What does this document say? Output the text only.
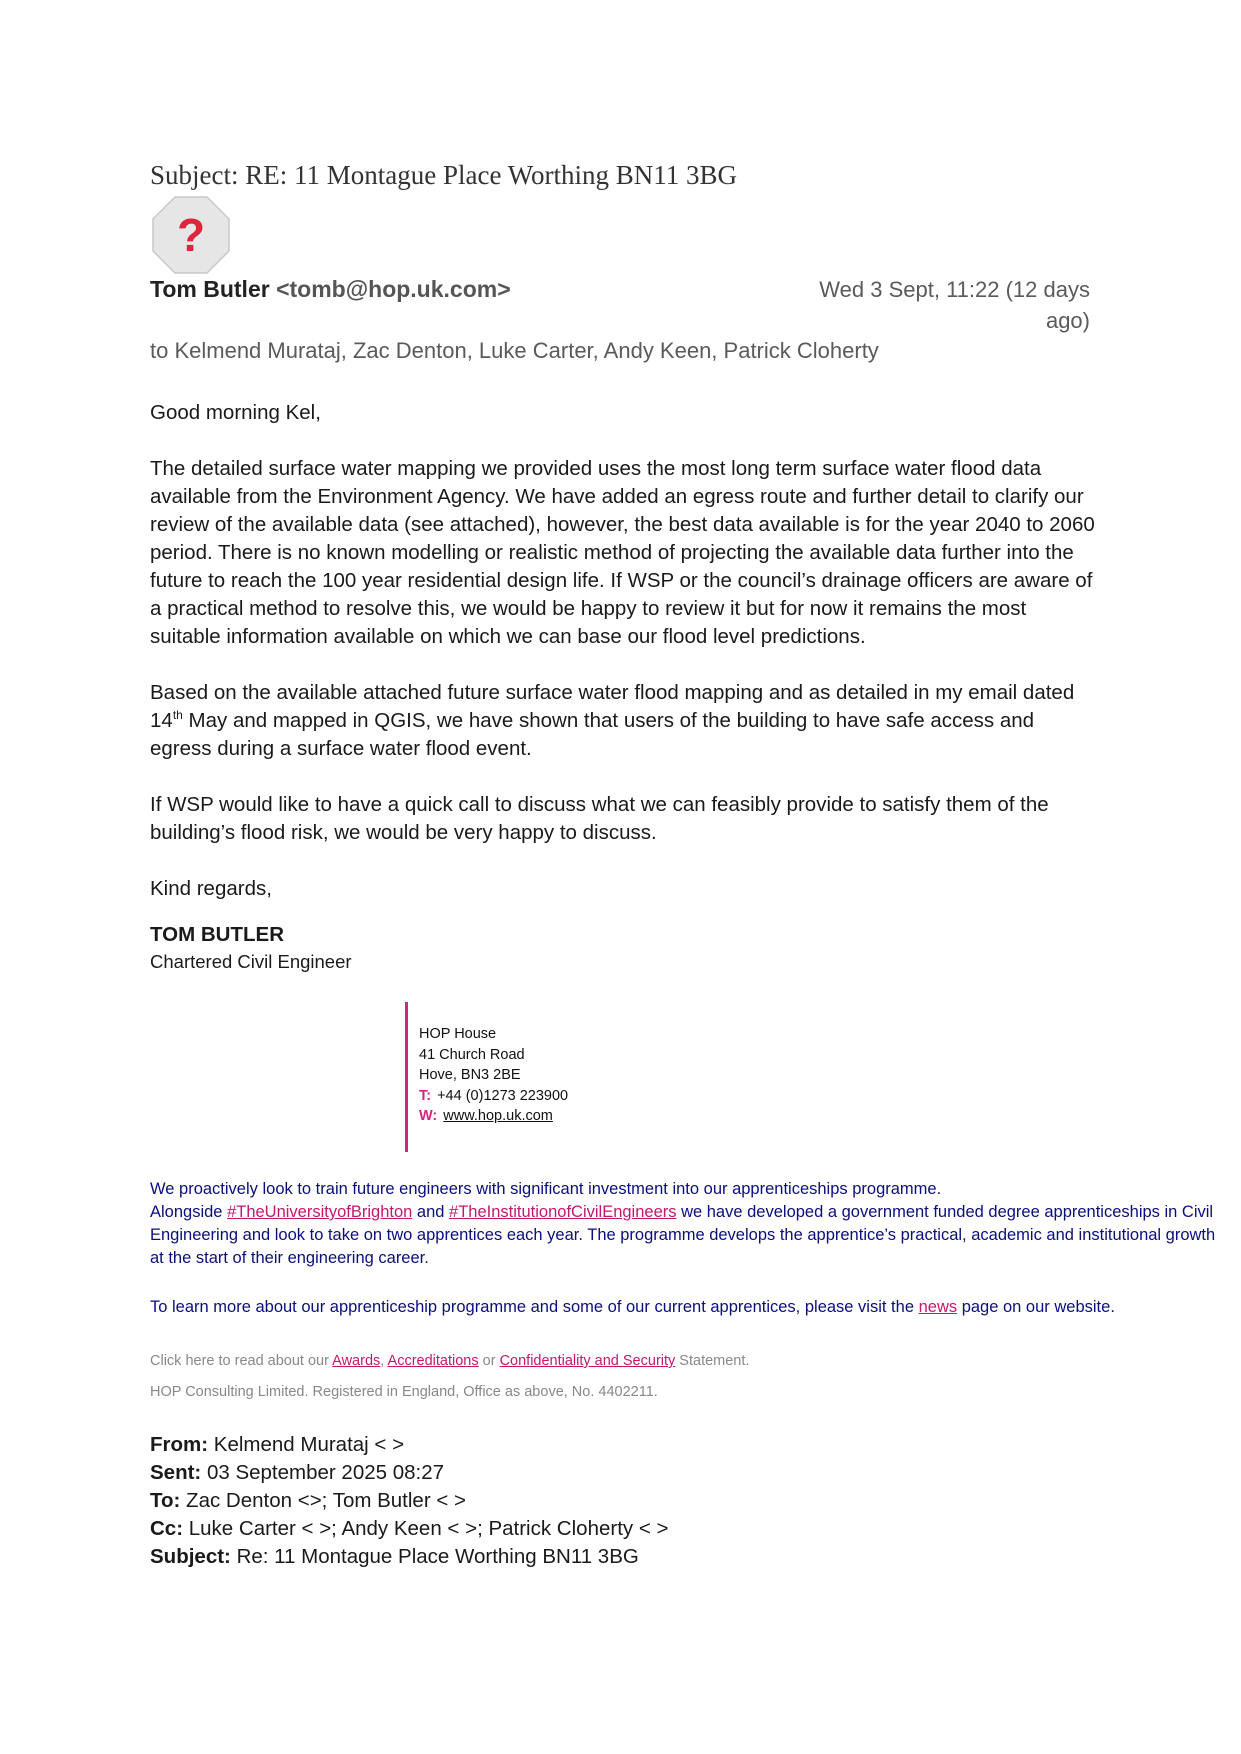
Subject: RE: 11 Montague Place Worthing BN11 3BG
?
Tom Butler <tomb@hop.uk.com>	Wed 3 Sept, 11:22 (12 days ago)
to Kelmend Murataj, Zac Denton, Luke Carter, Andy Keen, Patrick Cloherty
Good morning Kel,
The detailed surface water mapping we provided uses the most long term surface water flood data available from the Environment Agency. We have added an egress route and further detail to clarify our review of the available data (see attached), however, the best data available is for the year 2040 to 2060 period. There is no known modelling or realistic method of projecting the available data further into the future to reach the 100 year residential design life. If WSP or the council’s drainage officers are aware of a practical method to resolve this, we would be happy to review it but for now it remains the most suitable information available on which we can base our flood level predictions.
Based on the available attached future surface water flood mapping and as detailed in my email dated 14th May and mapped in QGIS, we have shown that users of the building to have safe access and egress during a surface water flood event.
If WSP would like to have a quick call to discuss what we can feasibly provide to satisfy them of the building’s flood risk, we would be very happy to discuss.
Kind regards,
TOM BUTLER
Chartered Civil Engineer
HOP House
41 Church Road
Hove, BN3 2BE
T: +44 (0)1273 223900
W: www.hop.uk.com
We proactively look to train future engineers with significant investment into our apprenticeships programme.
Alongside #TheUniversityofBrighton and #TheInstitutionofCivilEngineers we have developed a government funded degree apprenticeships in Civil
Engineering and look to take on two apprentices each year. The programme develops the apprentice’s practical, academic and institutional growth
at the start of their engineering career.
To learn more about our apprenticeship programme and some of our current apprentices, please visit the news page on our website.
Click here to read about our Awards, Accreditations or Confidentiality and Security Statement.
HOP Consulting Limited. Registered in England, Office as above, No. 4402211.
From: Kelmend Murataj < >
Sent: 03 September 2025 08:27
To: Zac Denton <>; Tom Butler < >
Cc: Luke Carter < >; Andy Keen < >; Patrick Cloherty < >
Subject: Re: 11 Montague Place Worthing BN11 3BG
